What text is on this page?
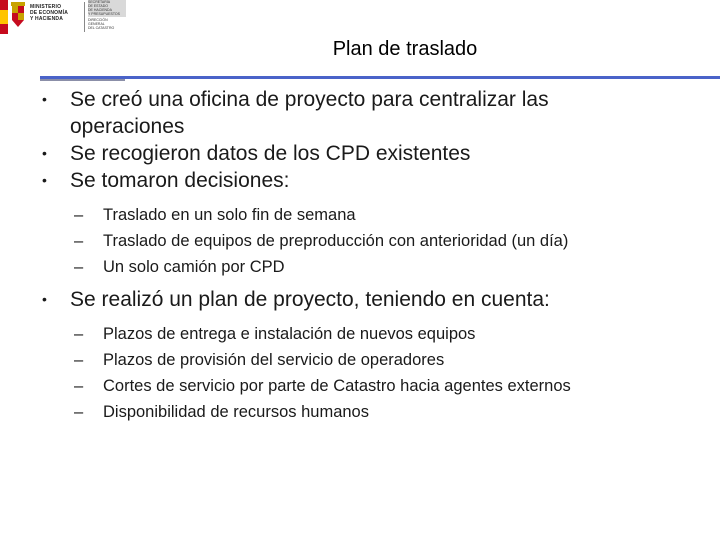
MINISTERIO
DE ECONOMÍA
Y HACIENDA
SECRETARÍA
DE ESTADO
DE HACIENDA
Y PRESUPUESTOS
DIRECCIÓN
GENERAL
DEL CATASTRO
Plan de traslado
• Se creó una oficina de proyecto para centralizar las
operaciones
• Se recogieron datos de los CPD existentes
• Se tomaron decisiones:
– Traslado en un solo fin de semana
– Traslado de equipos de preproducción con anterioridad (un día)
– Un solo camión por CPD
• Se realizó un plan de proyecto, teniendo en cuenta:
– Plazos de entrega e instalación de nuevos equipos
– Plazos de provisión del servicio de operadores
– Cortes de servicio por parte de Catastro hacia agentes externos
– Disponibilidad de recursos humanos
